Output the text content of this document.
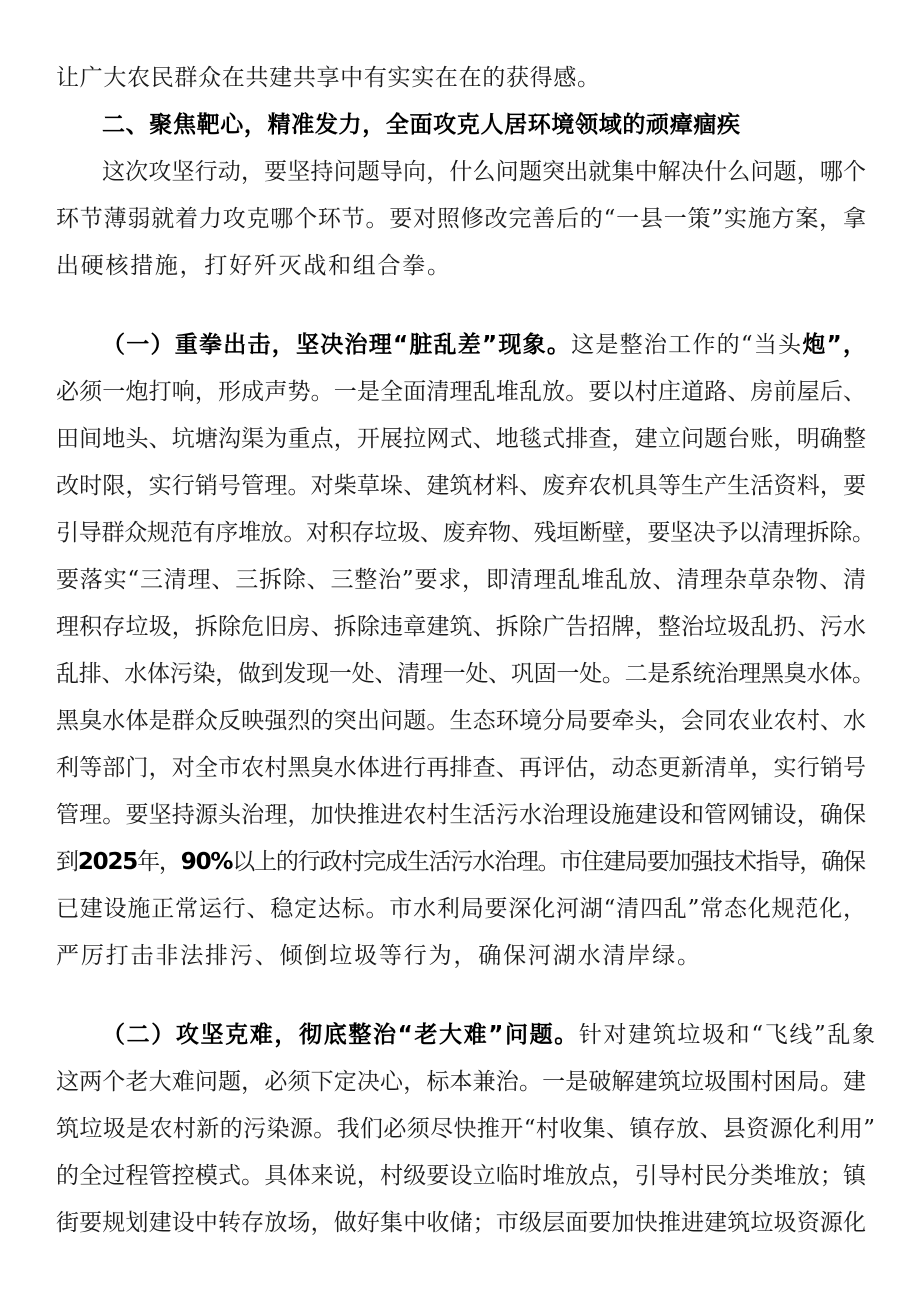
让广大农民群众在共建共享中有实实在在的获得感。
二、聚焦靶心，精准发力，全面攻克人居环境领域的顽瘴痼疾
这次攻坚行动，要坚持问题导向，什么问题突出就集中解决什么问题，哪个
环节薄弱就着力攻克哪个环节。要对照修改完善后的“一县一策”实施方案，拿
出硬核措施，打好歼灭战和组合拳。
（一）重拳出击，坚决治理“脏乱差”现象。这是整治工作的“当头炮”，
必须一炮打响，形成声势。一是全面清理乱堆乱放。要以村庄道路、房前屋后、
田间地头、坑塘沟渠为重点，开展拉网式、地毯式排查，建立问题台账，明确整
改时限，实行销号管理。对柴草垛、建筑材料、废弃农机具等生产生活资料，要
引导群众规范有序堆放。对积存垃圾、废弃物、残垣断壁，要坚决予以清理拆除。
要落实“三清理、三拆除、三整治”要求，即清理乱堆乱放、清理杂草杂物、清
理积存垃圾，拆除危旧房、拆除违章建筑、拆除广告招牌，整治垃圾乱扔、污水
乱排、水体污染，做到发现一处、清理一处、巩固一处。二是系统治理黑臭水体。
黑臭水体是群众反映强烈的突出问题。生态环境分局要牵头，会同农业农村、水
利等部门，对全市农村黑臭水体进行再排查、再评估，动态更新清单，实行销号
管理。要坚持源头治理，加快推进农村生活污水治理设施建设和管网铺设，确保
到2025年，90%以上的行政村完成生活污水治理。市住建局要加强技术指导，确保
已建设施正常运行、稳定达标。市水利局要深化河湖“清四乱”常态化规范化，
严厉打击非法排污、倾倒垃圾等行为，确保河湖水清岸绿。
（二）攻坚克难，彻底整治“老大难”问题。针对建筑垃圾和“飞线”乱象
这两个老大难问题，必须下定决心，标本兼治。一是破解建筑垃圾围村困局。建
筑垃圾是农村新的污染源。我们必须尽快推开“村收集、镇存放、县资源化利用”
的全过程管控模式。具体来说，村级要设立临时堆放点，引导村民分类堆放；镇
街要规划建设中转存放场，做好集中收储；市级层面要加快推进建筑垃圾资源化
